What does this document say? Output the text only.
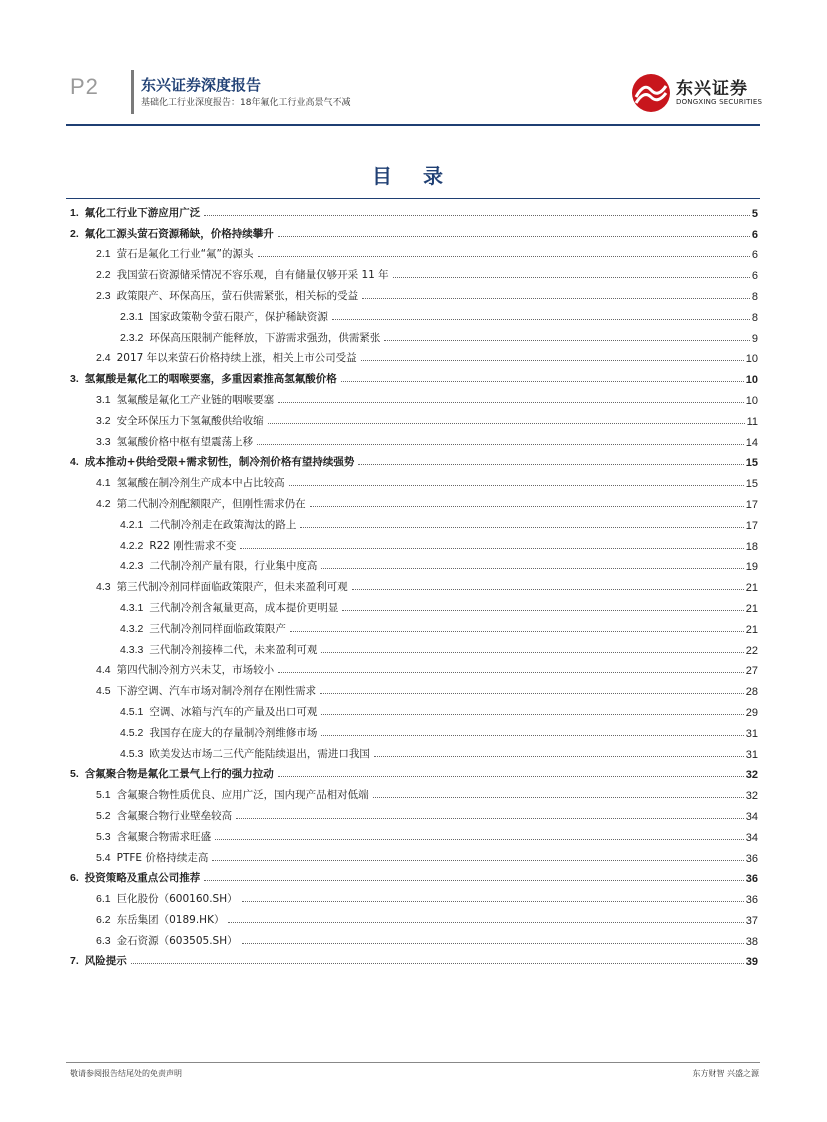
P2	东兴证券深度报告
基础化工行业深度报告：18年氟化工行业高景气不减
东兴证券
DONGXING SECURITIES
目 录
1. 氟化工行业下游应用广泛	5
2. 氟化工源头萤石资源稀缺，价格持续攀升	6
2.1 萤石是氟化工行业“氟”的源头	6
2.2 我国萤石资源储采情况不容乐观，自有储量仅够开采 11 年	6
2.3 政策限产、环保高压，萤石供需紧张，相关标的受益	8
2.3.1 国家政策勒令萤石限产，保护稀缺资源	8
2.3.2 环保高压限制产能释放，下游需求强劲，供需紧张	9
2.4 2017 年以来萤石价格持续上涨，相关上市公司受益	10
3. 氢氟酸是氟化工的咽喉要塞，多重因素推高氢氟酸价格	10
3.1 氢氟酸是氟化工产业链的咽喉要塞	10
3.2 安全环保压力下氢氟酸供给收缩	11
3.3 氢氟酸价格中枢有望震荡上移	14
4. 成本推动+供给受限+需求韧性，制冷剂价格有望持续强势	15
4.1 氢氟酸在制冷剂生产成本中占比较高	15
4.2 第二代制冷剂配额限产，但刚性需求仍在	17
4.2.1 二代制冷剂走在政策淘汰的路上	17
4.2.2 R22 刚性需求不变	18
4.2.3 二代制冷剂产量有限，行业集中度高	19
4.3 第三代制冷剂同样面临政策限产，但未来盈利可观	21
4.3.1 三代制冷剂含氟量更高，成本提价更明显	21
4.3.2 三代制冷剂同样面临政策限产	21
4.3.3 三代制冷剂接棒二代，未来盈利可观	22
4.4 第四代制冷剂方兴未艾，市场较小	27
4.5 下游空调、汽车市场对制冷剂存在刚性需求	28
4.5.1 空调、冰箱与汽车的产量及出口可观	29
4.5.2 我国存在庞大的存量制冷剂维修市场	31
4.5.3 欧美发达市场二三代产能陆续退出，需进口我国	31
5. 含氟聚合物是氟化工景气上行的强力拉动	32
5.1 含氟聚合物性质优良、应用广泛，国内现产品相对低端	32
5.2 含氟聚合物行业壁垒较高	34
5.3 含氟聚合物需求旺盛	34
5.4 PTFE 价格持续走高	36
6. 投资策略及重点公司推荐	36
6.1 巨化股份（600160.SH）	36
6.2 东岳集团（0189.HK）	37
6.3 金石资源（603505.SH）	38
7. 风险提示	39
敬请参阅报告结尾处的免责声明	东方财智 兴盛之源
